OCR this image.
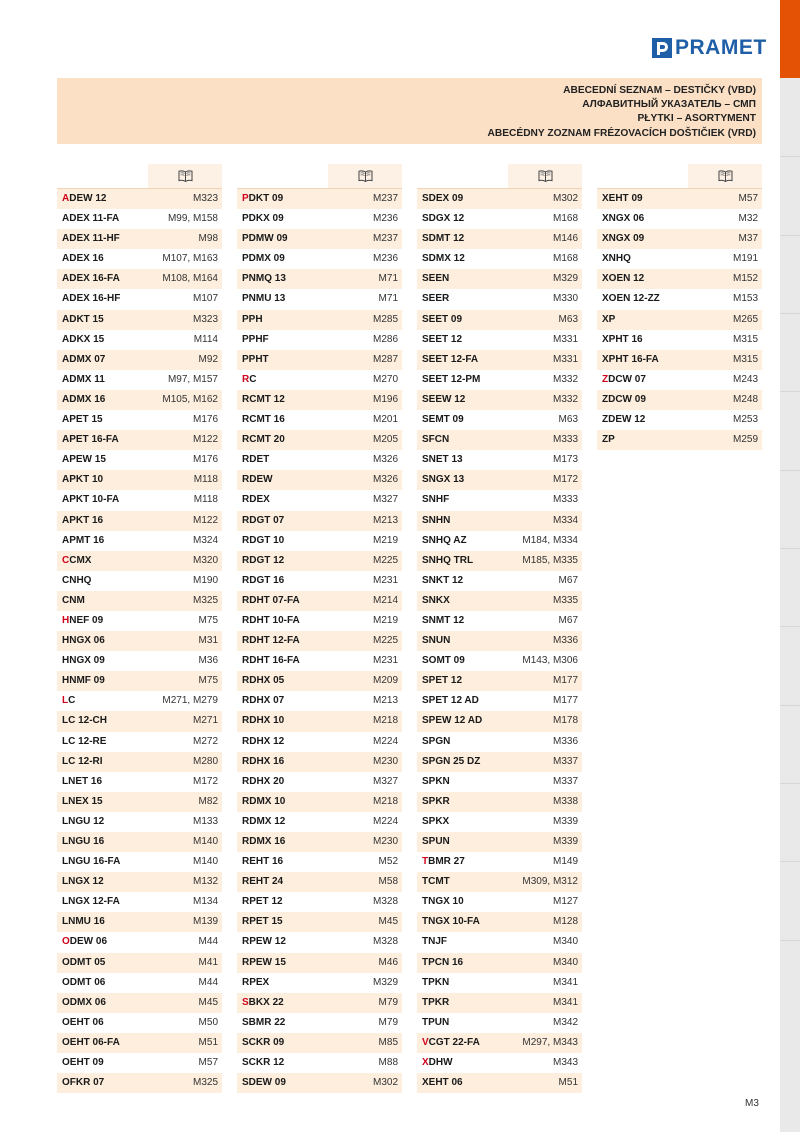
PRAMET
ABECEDNÍ SEZNAM – DESTIČKY (VBD)
АЛФАВИТНЫЙ УКАЗАТЕЛЬ – СМП
PŁYTKI – ASORTYMENT
ABECÉDNY ZOZNAM FRÉZOVACÍCH DOŠTIČIEK (VRD)
ADEW 12	M323
ADEX 11-FA	M99, M158
ADEX 11-HF	M98
ADEX 16	M107, M163
ADEX 16-FA	M108, M164
ADEX 16-HF	M107
ADKT 15	M323
ADKX 15	M114
ADMX 07	M92
ADMX 11	M97, M157
ADMX 16	M105, M162
APET 15	M176
APET 16-FA	M122
APEW 15	M176
APKT 10	M118
APKT 10-FA	M118
APKT 16	M122
APMT 16	M324
CCMX	M320
CNHQ	M190
CNM	M325
HNEF 09	M75
HNGX 06	M31
HNGX 09	M36
HNMF 09	M75
LC	M271, M279
LC 12-CH	M271
LC 12-RE	M272
LC 12-RI	M280
LNET 16	M172
LNEX 15	M82
LNGU 12	M133
LNGU 16	M140
LNGU 16-FA	M140
LNGX 12	M132
LNGX 12-FA	M134
LNMU 16	M139
ODEW 06	M44
ODMT 05	M41
ODMT 06	M44
ODMX 06	M45
OEHT 06	M50
OEHT 06-FA	M51
OEHT 09	M57
OFKR 07	M325
PDKT 09	M237
PDKX 09	M236
PDMW 09	M237
PDMX 09	M236
PNMQ 13	M71
PNMU 13	M71
PPH	M285
PPHF	M286
PPHT	M287
RC	M270
RCMT 12	M196
RCMT 16	M201
RCMT 20	M205
RDET	M326
RDEW	M326
RDEX	M327
RDGT 07	M213
RDGT 10	M219
RDGT 12	M225
RDGT 16	M231
RDHT 07-FA	M214
RDHT 10-FA	M219
RDHT 12-FA	M225
RDHT 16-FA	M231
RDHX 05	M209
RDHX 07	M213
RDHX 10	M218
RDHX 12	M224
RDHX 16	M230
RDHX 20	M327
RDMX 10	M218
RDMX 12	M224
RDMX 16	M230
REHT 16	M52
REHT 24	M58
RPET 12	M328
RPET 15	M45
RPEW 12	M328
RPEW 15	M46
RPEX	M329
SBKX 22	M79
SBMR 22	M79
SCKR 09	M85
SCKR 12	M88
SDEW 09	M302
SDEX 09	M302
SDGX 12	M168
SDMT 12	M146
SDMX 12	M168
SEEN	M329
SEER	M330
SEET 09	M63
SEET 12	M331
SEET 12-FA	M331
SEET 12-PM	M332
SEEW 12	M332
SEMT 09	M63
SFCN	M333
SNET 13	M173
SNGX 13	M172
SNHF	M333
SNHN	M334
SNHQ AZ	M184, M334
SNHQ TRL	M185, M335
SNKT 12	M67
SNKX	M335
SNMT 12	M67
SNUN	M336
SOMT 09	M143, M306
SPET 12	M177
SPET 12 AD	M177
SPEW 12 AD	M178
SPGN	M336
SPGN 25 DZ	M337
SPKN	M337
SPKR	M338
SPKX	M339
SPUN	M339
TBMR 27	M149
TCMT	M309, M312
TNGX 10	M127
TNGX 10-FA	M128
TNJF	M340
TPCN 16	M340
TPKN	M341
TPKR	M341
TPUN	M342
VCGT 22-FA	M297, M343
XDHW	M343
XEHT 06	M51
XEHT 09	M57
XNGX 06	M32
XNGX 09	M37
XNHQ	M191
XOEN 12	M152
XOEN 12-ZZ	M153
XP	M265
XPHT 16	M315
XPHT 16-FA	M315
ZDCW 07	M243
ZDCW 09	M248
ZDEW 12	M253
ZP	M259
M3
